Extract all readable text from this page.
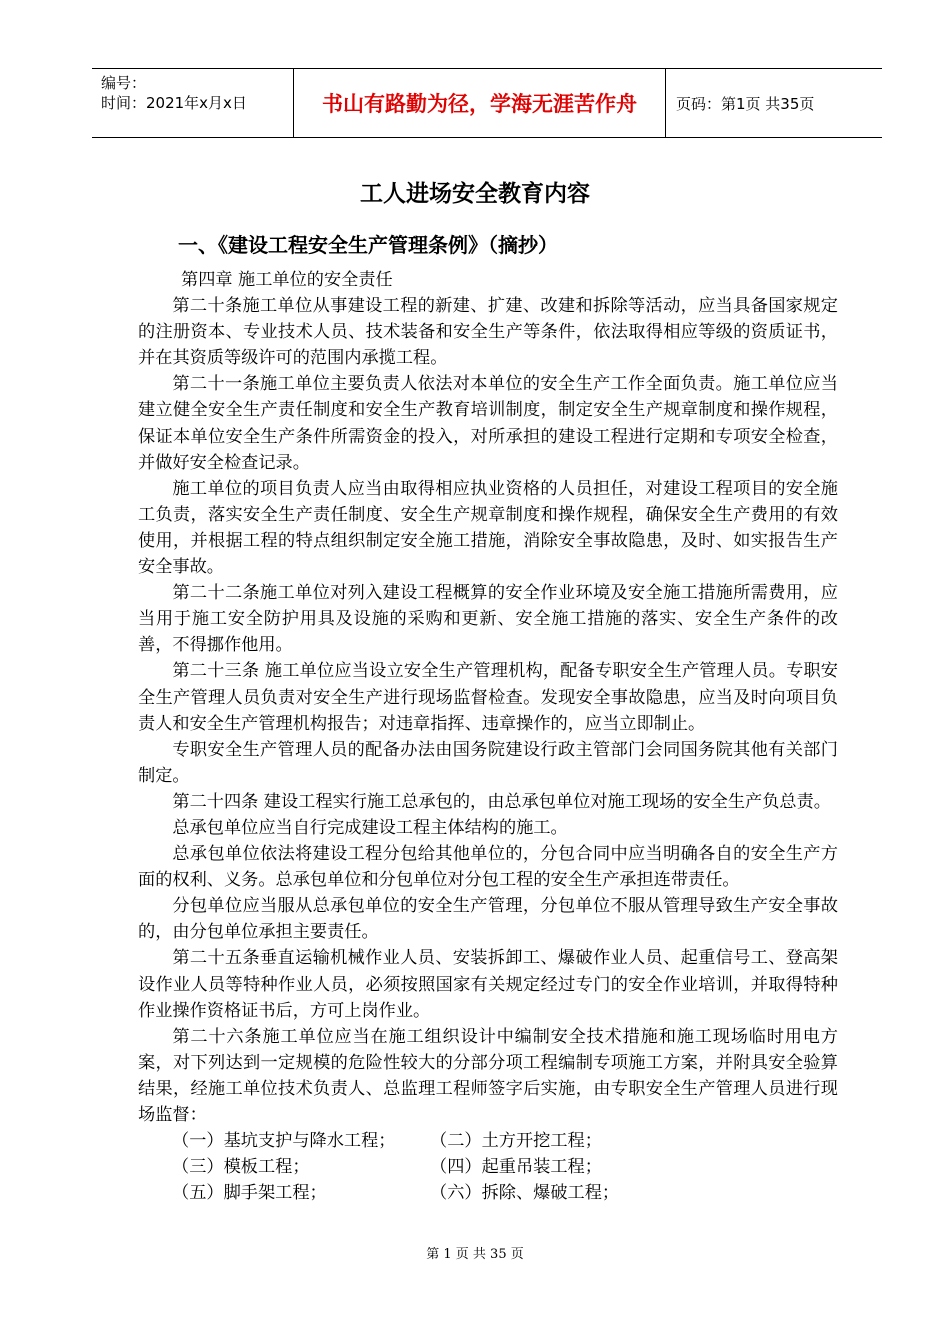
编号：
时间：2021年x月x日	书山有路勤为径，学海无涯苦作舟	页码：第1页 共35页
工人进场安全教育内容
一、《建设工程安全生产管理条例》（摘抄）

第四章 施工单位的安全责任

第二十条施工单位从事建设工程的新建、扩建、改建和拆除等活动，应当具备国家规定的注册资本、专业技术人员、技术装备和安全生产等条件，依法取得相应等级的资质证书，并在其资质等级许可的范围内承揽工程。

第二十一条施工单位主要负责人依法对本单位的安全生产工作全面负责。施工单位应当建立健全安全生产责任制度和安全生产教育培训制度，制定安全生产规章制度和操作规程，保证本单位安全生产条件所需资金的投入，对所承担的建设工程进行定期和专项安全检查，并做好安全检查记录。

施工单位的项目负责人应当由取得相应执业资格的人员担任，对建设工程项目的安全施工负责，落实安全生产责任制度、安全生产规章制度和操作规程，确保安全生产费用的有效使用，并根据工程的特点组织制定安全施工措施，消除安全事故隐患，及时、如实报告生产安全事故。

第二十二条施工单位对列入建设工程概算的安全作业环境及安全施工措施所需费用，应当用于施工安全防护用具及设施的采购和更新、安全施工措施的落实、安全生产条件的改善，不得挪作他用。

第二十三条 施工单位应当设立安全生产管理机构，配备专职安全生产管理人员。专职安全生产管理人员负责对安全生产进行现场监督检查。发现安全事故隐患，应当及时向项目负责人和安全生产管理机构报告；对违章指挥、违章操作的，应当立即制止。

专职安全生产管理人员的配备办法由国务院建设行政主管部门会同国务院其他有关部门制定。

第二十四条 建设工程实行施工总承包的，由总承包单位对施工现场的安全生产负总责。

总承包单位应当自行完成建设工程主体结构的施工。

总承包单位依法将建设工程分包给其他单位的，分包合同中应当明确各自的安全生产方面的权利、义务。总承包单位和分包单位对分包工程的安全生产承担连带责任。

分包单位应当服从总承包单位的安全生产管理，分包单位不服从管理导致生产安全事故的，由分包单位承担主要责任。

第二十五条垂直运输机械作业人员、安装拆卸工、爆破作业人员、起重信号工、登高架设作业人员等特种作业人员，必须按照国家有关规定经过专门的安全作业培训，并取得特种作业操作资格证书后，方可上岗作业。

第二十六条施工单位应当在施工组织设计中编制安全技术措施和施工现场临时用电方案，对下列达到一定规模的危险性较大的分部分项工程编制专项施工方案，并附具安全验算结果，经施工单位技术负责人、总监理工程师签字后实施，由专职安全生产管理人员进行现场监督：

（一）基坑支护与降水工程；	（二）土方开挖工程；
（三）模板工程；	（四）起重吊装工程；
（五）脚手架工程；	（六）拆除、爆破工程；
第 1 页 共 35 页
